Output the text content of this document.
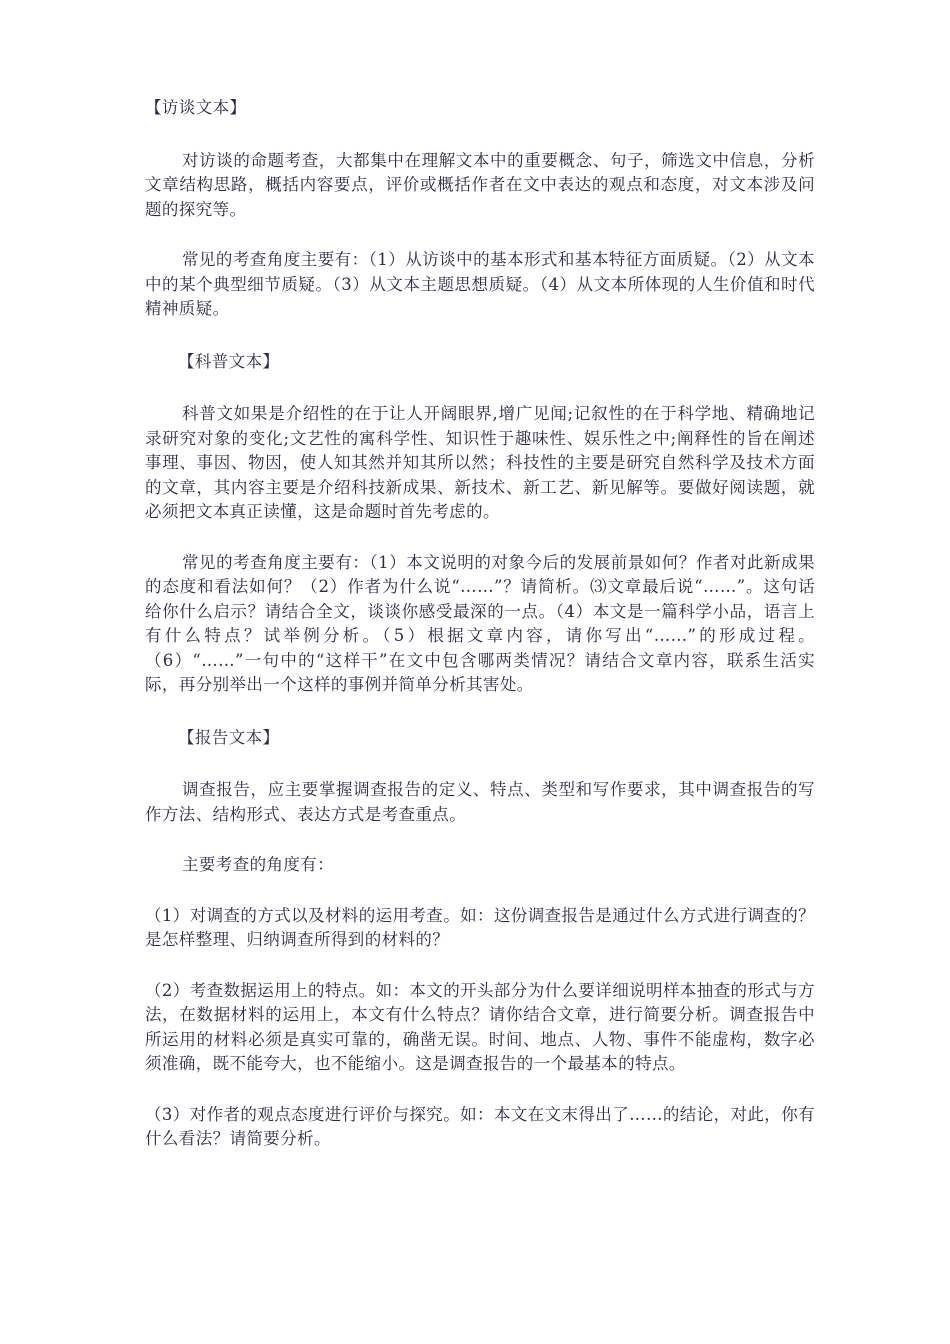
【访谈文本】

对访谈的命题考查，大都集中在理解文本中的重要概念、句子，筛选文中信息，分析文章结构思路，概括内容要点，评价或概括作者在文中表达的观点和态度，对文本涉及问题的探究等。

常见的考查角度主要有：（1）从访谈中的基本形式和基本特征方面质疑。（2）从文本中的某个典型细节质疑。（3）从文本主题思想质疑。（4）从文本所体现的人生价值和时代精神质疑。

【科普文本】

科普文如果是介绍性的在于让人开阔眼界,增广见闻;记叙性的在于科学地、精确地记录研究对象的变化;文艺性的寓科学性、知识性于趣味性、娱乐性之中;阐释性的旨在阐述事理、事因、物因，使人知其然并知其所以然；科技性的主要是研究自然科学及技术方面的文章，其内容主要是介绍科技新成果、新技术、新工艺、新见解等。要做好阅读题，就必须把文本真正读懂，这是命题时首先考虑的。

常见的考查角度主要有：（1）本文说明的对象今后的发展前景如何？作者对此新成果的态度和看法如何？（2）作者为什么说“……”？请简析。⑶文章最后说“……”。这句话给你什么启示？请结合全文，谈谈你感受最深的一点。（4）本文是一篇科学小品，语言上有什么特点？试举例分析。（5）根据文章内容，请你写出“……”的形成过程。（6）“……”一句中的“这样干”在文中包含哪两类情况？请结合文章内容，联系生活实际，再分别举出一个这样的事例并简单分析其害处。

【报告文本】

调查报告，应主要掌握调查报告的定义、特点、类型和写作要求，其中调查报告的写作方法、结构形式、表达方式是考查重点。

主要考查的角度有：

（1）对调查的方式以及材料的运用考查。如：这份调查报告是通过什么方式进行调查的？是怎样整理、归纳调查所得到的材料的？

（2）考查数据运用上的特点。如：本文的开头部分为什么要详细说明样本抽查的形式与方法，在数据材料的运用上，本文有什么特点？请你结合文章，进行简要分析。调查报告中所运用的材料必须是真实可靠的，确凿无误。时间、地点、人物、事件不能虚构，数字必须准确，既不能夸大，也不能缩小。这是调查报告的一个最基本的特点。

（3）对作者的观点态度进行评价与探究。如：本文在文末得出了……的结论，对此，你有什么看法？请简要分析。
